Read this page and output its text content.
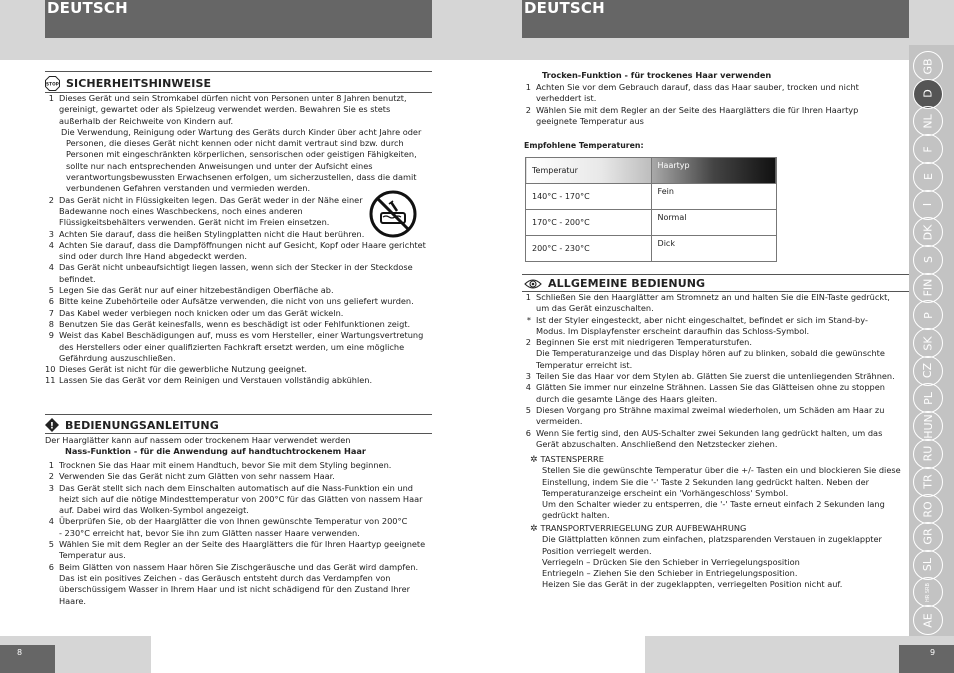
DEUTSCH
STOP SICHERHEITSHINWEISE
1 Dieses Gerät und sein Stromkabel dürfen nicht von Personen unter 8 Jahren benutzt,
gereinigt, gewartet oder als Spielzeug verwendet werden. Bewahren Sie es stets
außerhalb der Reichweite von Kindern auf.
Die Verwendung, Reinigung oder Wartung des Geräts durch Kinder über acht Jahre oder
Personen, die dieses Gerät nicht kennen oder nicht damit vertraut sind bzw. durch
Personen mit eingeschränkten körperlichen, sensorischen oder geistigen Fähigkeiten,
sollte nur nach entsprechenden Anweisungen und unter der Aufsicht eines
verantwortungsbewussten Erwachsenen erfolgen, um sicherzustellen, dass die damit
verbundenen Gefahren verstanden und vermieden werden.
2 Das Gerät nicht in Flüssigkeiten legen. Das Gerät weder in der Nähe einer
Badewanne noch eines Waschbeckens, noch eines anderen
Flüssigkeitsbehälters verwenden. Gerät nicht im Freien einsetzen.
3 Achten Sie darauf, dass die heißen Stylingplatten nicht die Haut berühren.
4 Achten Sie darauf, dass die Dampföffnungen nicht auf Gesicht, Kopf oder Haare gerichtet
sind oder durch Ihre Hand abgedeckt werden.
4 Das Gerät nicht unbeaufsichtigt liegen lassen, wenn sich der Stecker in der Steckdose
befindet.
5 Legen Sie das Gerät nur auf einer hitzebeständigen Oberfläche ab.
6 Bitte keine Zubehörteile oder Aufsätze verwenden, die nicht von uns geliefert wurden.
7 Das Kabel weder verbiegen noch knicken oder um das Gerät wickeln.
8 Benutzen Sie das Gerät keinesfalls, wenn es beschädigt ist oder Fehlfunktionen zeigt.
9 Weist das Kabel Beschädigungen auf, muss es vom Hersteller, einer Wartungsvertretung
des Herstellers oder einer qualifizierten Fachkraft ersetzt werden, um eine mögliche
Gefährdung auszuschließen.
10 Dieses Gerät ist nicht für die gewerbliche Nutzung geeignet.
11 Lassen Sie das Gerät vor dem Reinigen und Verstauen vollständig abkühlen.
! BEDIENUNGSANLEITUNG
Der Haarglätter kann auf nassem oder trockenem Haar verwendet werden
Nass-Funktion - für die Anwendung auf handtuchtrockenem Haar
1 Trocknen Sie das Haar mit einem Handtuch, bevor Sie mit dem Styling beginnen.
2 Verwenden Sie das Gerät nicht zum Glätten von sehr nassem Haar.
3 Das Gerät stellt sich nach dem Einschalten automatisch auf die Nass-Funktion ein und
heizt sich auf die nötige Mindesttemperatur von 200°C für das Glätten von nassem Haar
auf. Dabei wird das Wolken-Symbol angezeigt.
4 Überprüfen Sie, ob der Haarglätter die von Ihnen gewünschte Temperatur von 200°C
- 230°C erreicht hat, bevor Sie ihn zum Glätten nasser Haare verwenden.
5 Wählen Sie mit dem Regler an der Seite des Haarglätters die für Ihren Haartyp geeignete
Temperatur aus.
6 Beim Glätten von nassem Haar hören Sie Zischgeräusche und das Gerät wird dampfen.
Das ist ein positives Zeichen - das Geräusch entsteht durch das Verdampfen von
überschüssigem Wasser in Ihrem Haar und ist nicht schädigend für den Zustand Ihrer
Haare.
8
DEUTSCH
Trocken-Funktion - für trockenes Haar verwenden
1 Achten Sie vor dem Gebrauch darauf, dass das Haar sauber, trocken und nicht
verheddert ist.
2 Wählen Sie mit dem Regler an der Seite des Haarglätters die für Ihren Haartyp
geeignete Temperatur aus
Empfohlene Temperaturen:
Temperatur	Haartyp
140°C - 170°C	Fein
170°C - 200°C	Normal
200°C - 230°C	Dick
ALLGEMEINE BEDIENUNG
1 Schließen Sie den Haarglätter am Stromnetz an und halten Sie die EIN-Taste gedrückt,
um das Gerät einzuschalten.
* Ist der Styler eingesteckt, aber nicht eingeschaltet, befindet er sich im Stand-by-
Modus. Im Displayfenster erscheint daraufhin das Schloss-Symbol.
2 Beginnen Sie erst mit niedrigeren Temperaturstufen.
Die Temperaturanzeige und das Display hören auf zu blinken, sobald die gewünschte
Temperatur erreicht ist.
3 Teilen Sie das Haar vor dem Stylen ab. Glätten Sie zuerst die untenliegenden Strähnen.
4 Glätten Sie immer nur einzelne Strähnen. Lassen Sie das Glätteisen ohne zu stoppen
durch die gesamte Länge des Haars gleiten.
5 Diesen Vorgang pro Strähne maximal zweimal wiederholen, um Schäden am Haar zu
vermeiden.
6 Wenn Sie fertig sind, den AUS-Schalter zwei Sekunden lang gedrückt halten, um das
Gerät abzuschalten. Anschließend den Netzstecker ziehen.
✲ TASTENSPERRE
Stellen Sie die gewünschte Temperatur über die +/- Tasten ein und blockieren Sie diese
Einstellung, indem Sie die '-' Taste 2 Sekunden lang gedrückt halten. Neben der
Temperaturanzeige erscheint ein 'Vorhängeschloss' Symbol.
Um den Schalter wieder zu entsperren, die '-' Taste erneut einfach 2 Sekunden lang
gedrückt halten.
✲ TRANSPORTVERRIEGELUNG ZUR AUFBEWAHRUNG
Die Glättplatten können zum einfachen, platzsparenden Verstauen in zugeklappter
Position verriegelt werden.
Verriegeln – Drücken Sie den Schieber in Verriegelungsposition
Entriegeln – Ziehen Sie den Schieber in Entriegelungsposition.
Heizen Sie das Gerät in der zugeklappten, verriegelten Position nicht auf.
9
GB
D
NL
F
E
I
DK
S
FIN
P
SK
CZ
PL
HUN
RU
TR
RO
GR
SL
HR SRB
AE
